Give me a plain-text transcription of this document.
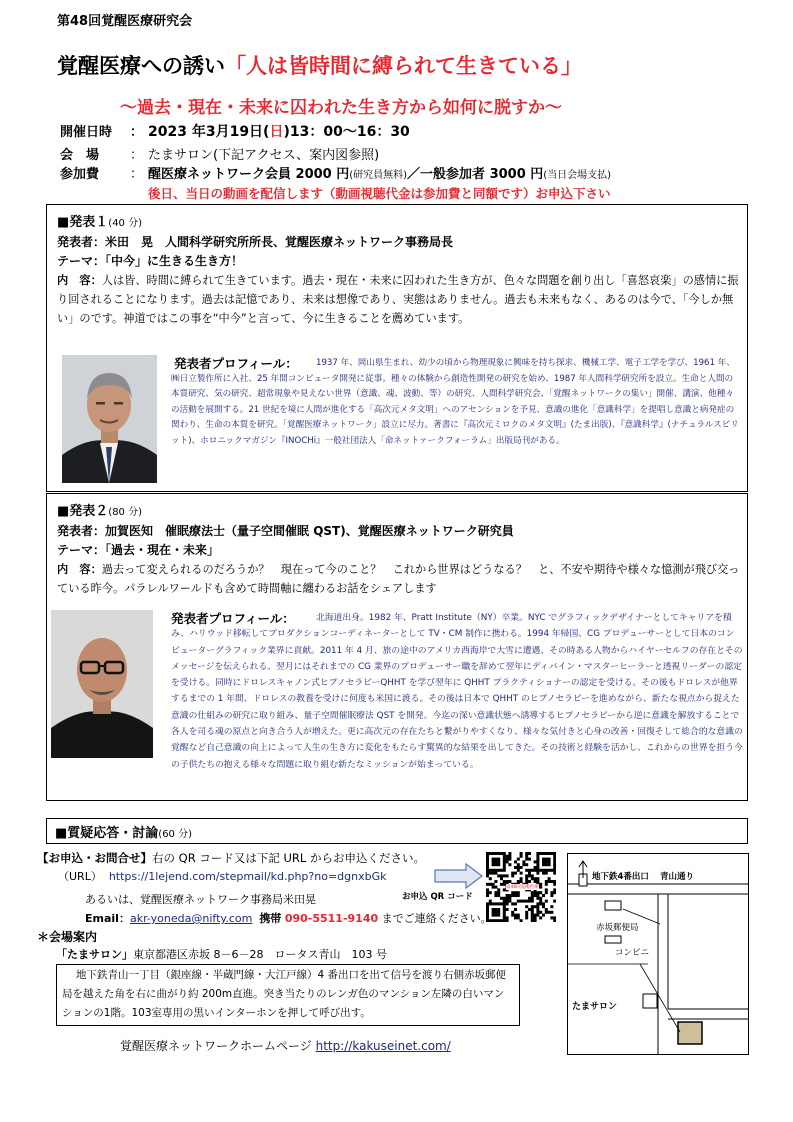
第48回覚醒医療研究会
覚醒医療への誘い「人は皆時間に縛られて生きている」
～過去・現在・未来に囚われた生き方から如何に脱すか～
開催日時 ： 2023 年3月19日(日)13：00～16：30
会　場 ： たまサロン(下記アクセス、案内図参照)
参加費 ： 醒医療ネットワーク会員 2000 円(研究員無料)／一般参加者 3000 円(当日会場支払)
後日、当日の動画を配信します（動画視聴代金は参加費と同額です）お申込下さい
■発表１(40 分)
発表者：米田　晃　人間科学研究所所長、覚醒医療ネットワーク事務局長
テーマ：「中今」に生きる生き方！
内　容：人は皆、時間に縛られて生きています。過去・現在・未来に囚われた生き方が、色々な問題を創り出し「喜怒哀楽」の感情に振り回されることになります。過去は記憶であり、未来は想像であり、実態はありません。過去も未来もなく、あるのは今で、「今しか無い」のです。神道ではこの事を“中今”と言って、今に生きることを薦めています。
発表者プロフィール：	1937 年、岡山県生まれ、幼少の頃から物理現象に興味を持ち探求、機械工学、電子工学を学び、1961 年、㈱日立製作所に入社、25 年間コンピュータ開発に従事。種々の体験から創造性開発の研究を始め、1987 年人間科学研究所を設立。生命と人間の本質研究、気の研究、超常現象や見えない世界（意識、魂、波動、等）の研究、人間科学研究会、「覚醒ネットワークの集い」開催、講演、他種々の活動を展開する。21 世紀を境に人間が進化する「高次元メタ文明」へのアセンションを予見、意識の進化「意識科学」を提唱し意識と病発症の関わり、生命の本質を研究。「覚醒医療ネットワーク」設立に尽力。著書に『高次元ミロクのメタ文明』(たま出版)、『意識科学』(ナチュラルスピリット)、ホロニックマガジン『INOCHi』一般社団法人「命ネットァークフォーラム」出版局刊がある。
■発表２(80 分)
発表者：加賀医知　催眠療法士（量子空間催眠 QST)、覚醒医療ネットワーク研究員
テーマ：「過去・現在・未来」
内　容：過去って変えられるのだろうか？　現在って今のこと？　これから世界はどうなる？　と、不安や期待や様々な憶測が飛び交っている昨今。パラレルワールドも含めて時間軸に纏わるお話をシェアします
発表者プロフィール：	北海道出身。1982 年、Pratt Institute（NY）卒業。NYC でグラフィックデザイナーとしてキャリアを積み、ハリウッド移転してプロダクションコーディネーターとして TV・CM 制作に携わる。1994 年帰国、CG プロデューサーとして日本のコンピューターグラフィック業界に貢献。2011 年 4 月、旅の途中のアメリカ西海岸で大雪に遭遇、その時ある人物からハイヤーセルフの存在とそのメッセージを伝えられる。翌月にはそれまでの CG 業界のプロデューサー職を辞めて翌年にディバイン・マスターヒーラーと透視リーダーの認定を受ける。同時にドロレスキャノン式ヒプノセラピーQHHT を学び翌年に QHHT プラクティショナーの認定を受ける。その後もドロレスが他界するまでの 1 年間、ドロレスの教養を受けに何度も米国に渡る。その後は日本で QHHT のヒプノセラピーを進めながら、新たな視点から捉えた意識の仕組みの研究に取り組み、量子空間催眠療法 QST を開発。今迄の深い意識状態へ誘導するヒプノセラピーから逆に意識を解放することで各人を司る魂の原点と向き合う人が増えた。更に高次元の存在たちと繋がりやすくなり、様々な気付きと心身の改善・回復そして総合的な意識の覚醒など自己意識の向上によって人生の生き方に変化をもたらす驚異的な結果を出してきた。その技術と経験を活かし、これからの世界を担う今の子供たちの抱える様々な問題に取り組む新たなミッションが始まっている。
■質疑応答・討論(60 分)
【お申込・お問合せ】右の QR コード又は下記 URL からお申込ください。
（URL） https://1lejend.com/stepmail/kd.php?no=dgnxbGk
第48回覚醒医療
お申込 QR コード
あるいは、覚醒医療ネットワーク事務局米田晃
Email：akr-yoneda@nifty.com 携帯 090-5511-9140 までご連絡ください。
＊会場案内
「たまサロン」東京都港区赤坂 8－6－28　ロータス青山　103 号
地下鉄青山一丁目（銀座線・半蔵門線・大江戸線）4 番出口を出て信号を渡り右側赤坂郵便局を越えた角を右に曲がり約 200m直進。突き当たりのレンガ色のマンション左隣の白いマンションの1階。103室専用の黒いインターホンを押して呼び出す。
覚醒医療ネットワークホームページ http://kakuseinet.com/
地下鉄4番出口 青山通り
赤坂郵便局
コンビニ
たまサロン
